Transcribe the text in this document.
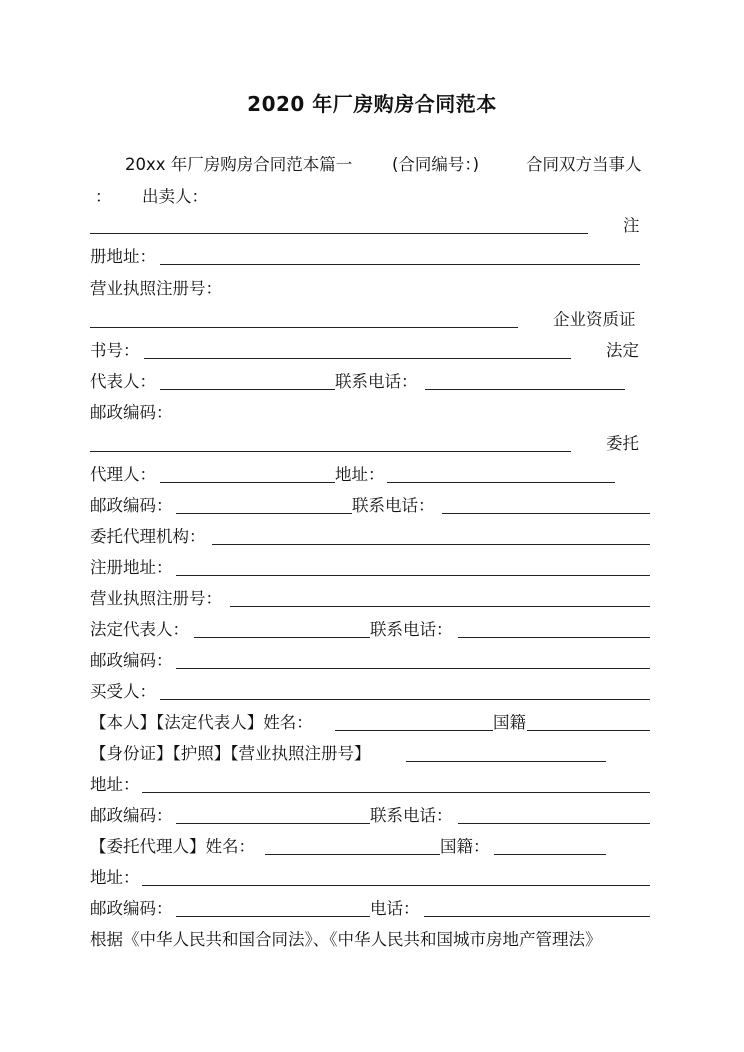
2020 年厂房购房合同范本
20xx 年厂房购房合同范本篇一 (合同编号：)	合同双方当事人
： 出卖人：
注
册地址：
营业执照注册号：
企业资质证
书号：	法定
代表人：	联系电话：
邮政编码：
委托
代理人：	地址：
邮政编码：	联系电话：
委托代理机构：
注册地址：
营业执照注册号：
法定代表人：	联系电话：
邮政编码：
买受人：
【本人】【法定代表人】姓名：	国籍
【身份证】【护照】【营业执照注册号】
地址：
邮政编码：	联系电话：
【委托代理人】姓名：	国籍：
地址：
邮政编码：	电话：
根据《中华人民共和国合同法》、《中华人民共和国城市房地产管理法》
